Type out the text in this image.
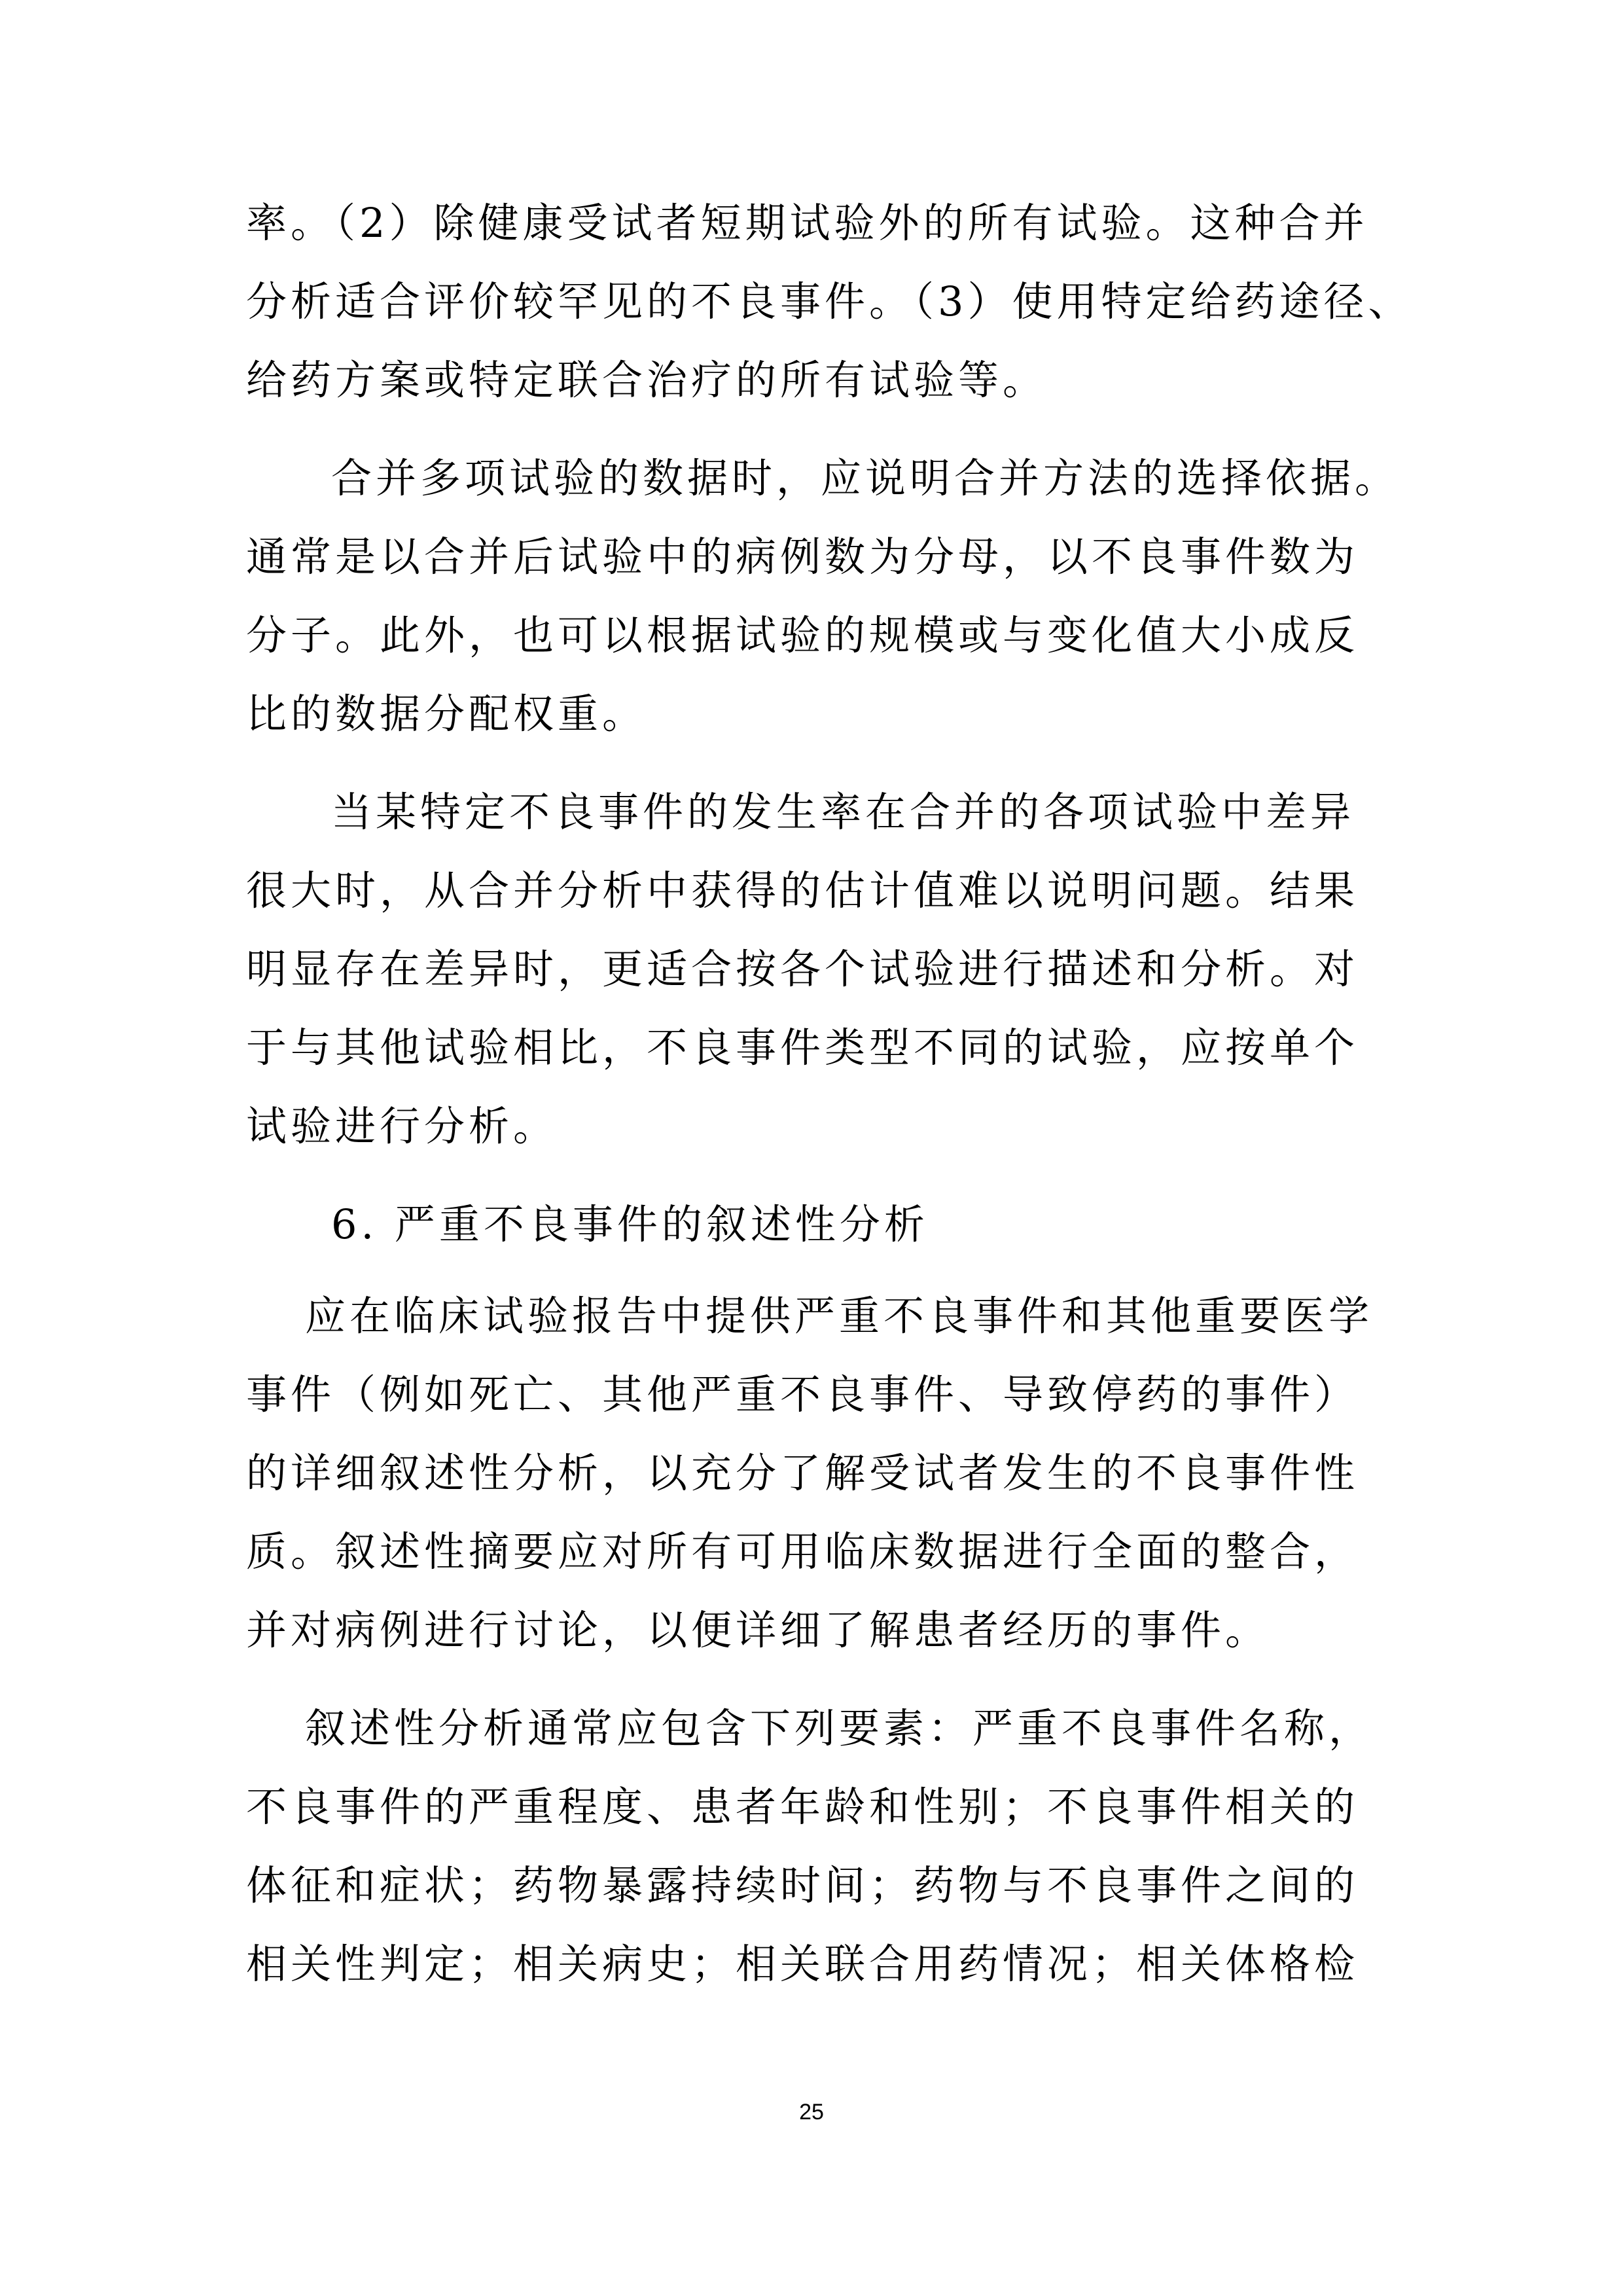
率。（2）除健康受试者短期试验外的所有试验。这种合并
分析适合评价较罕见的不良事件。（3）使用特定给药途径、
给药方案或特定联合治疗的所有试验等。
合并多项试验的数据时，应说明合并方法的选择依据。
通常是以合并后试验中的病例数为分母，以不良事件数为
分子。此外，也可以根据试验的规模或与变化值大小成反
比的数据分配权重。
当某特定不良事件的发生率在合并的各项试验中差异
很大时，从合并分析中获得的估计值难以说明问题。结果
明显存在差异时，更适合按各个试验进行描述和分析。对
于与其他试验相比，不良事件类型不同的试验，应按单个
试验进行分析。
6. 严重不良事件的叙述性分析
应在临床试验报告中提供严重不良事件和其他重要医学
事件（例如死亡、其他严重不良事件、导致停药的事件）
的详细叙述性分析，以充分了解受试者发生的不良事件性
质。叙述性摘要应对所有可用临床数据进行全面的整合，
并对病例进行讨论，以便详细了解患者经历的事件。
叙述性分析通常应包含下列要素：严重不良事件名称，
不良事件的严重程度、患者年龄和性别；不良事件相关的
体征和症状；药物暴露持续时间；药物与不良事件之间的
相关性判定；相关病史；相关联合用药情况；相关体格检
25
